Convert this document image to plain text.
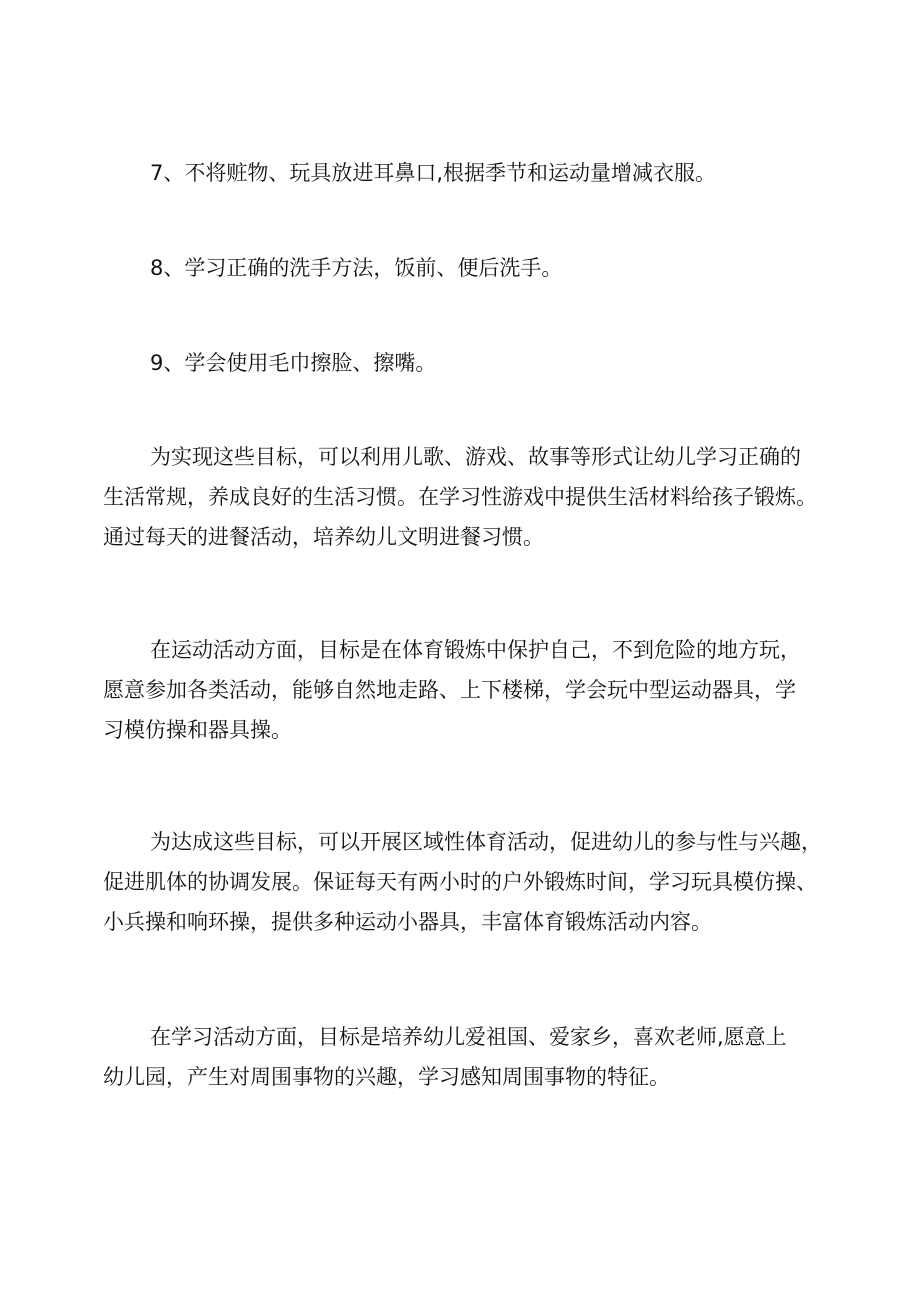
7、不将赃物、玩具放进耳鼻口,根据季节和运动量增减衣服。
8、学习正确的洗手方法，饭前、便后洗手。
9、学会使用毛巾擦脸、擦嘴。

为实现这些目标，可以利用儿歌、游戏、故事等形式让幼儿学习正确的

生活常规，养成良好的生活习惯。在学习性游戏中提供生活材料给孩子锻炼。

通过每天的进餐活动，培养幼儿文明进餐习惯。

在运动活动方面，目标是在体育锻炼中保护自己，不到危险的地方玩，

愿意参加各类活动，能够自然地走路、上下楼梯，学会玩中型运动器具，学

习模仿操和器具操。

为达成这些目标，可以开展区域性体育活动，促进幼儿的参与性与兴趣，

促进肌体的协调发展。保证每天有两小时的户外锻炼时间，学习玩具模仿操、

小兵操和响环操，提供多种运动小器具，丰富体育锻炼活动内容。

在学习活动方面，目标是培养幼儿爱祖国、爱家乡，喜欢老师,愿意上

幼儿园，产生对周围事物的兴趣，学习感知周围事物的特征。
